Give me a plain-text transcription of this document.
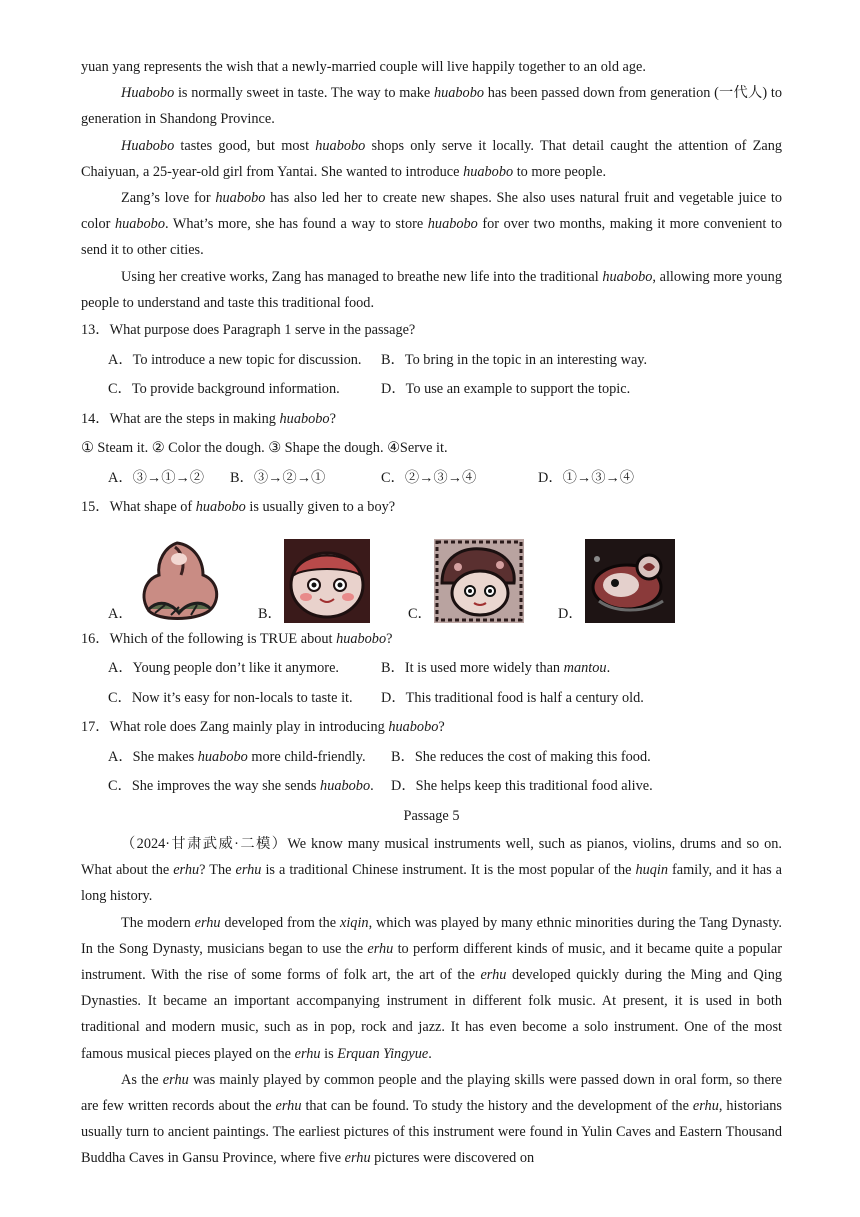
yuan yang represents the wish that a newly-married couple will live happily together to an old age.

Huabobo is normally sweet in taste. The way to make huabobo has been passed down from generation (一代人) to generation in Shandong Province.

Huabobo tastes good, but most huabobo shops only serve it locally. That detail caught the attention of Zang Chaiyuan, a 25-year-old girl from Yantai. She wanted to introduce huabobo to more people.

Zang’s love for huabobo has also led her to create new shapes. She also uses natural fruit and vegetable juice to color huabobo. What’s more, she has found a way to store huabobo for over two months, making it more convenient to send it to other cities.

Using her creative works, Zang has managed to breathe new life into the traditional huabobo, allowing more young people to understand and taste this traditional food.

13．What purpose does Paragraph 1 serve in the passage?

A．To introduce a new topic for discussion.	B．To bring in the topic in an interesting way.
C．To provide background information.	D．To use an example to support the topic.

14．What are the steps in making huabobo?

① Steam it. ② Color the dough. ③ Shape the dough. ④Serve it.

A．③→①→②	B．③→②→①	C．②→③→④	D．①→③→④

15．What shape of huabobo is usually given to a boy?

A．	B．	C．	D．

16．Which of the following is TRUE about huabobo?

A．Young people don’t like it anymore.	B．It is used more widely than mantou.
C．Now it’s easy for non-locals to taste it.	D．This traditional food is half a century old.

17．What role does Zang mainly play in introducing huabobo?

A．She makes huabobo more child-friendly.	B．She reduces the cost of making this food.
C．She improves the way she sends huabobo.	D．She helps keep this traditional food alive.

Passage 5

（2024·甘肃武威·二模）We know many musical instruments well, such as pianos, violins, drums and so on. What about the erhu? The erhu is a traditional Chinese instrument. It is the most popular of the huqin family, and it has a long history.

The modern erhu developed from the xiqin, which was played by many ethnic minorities during the Tang Dynasty. In the Song Dynasty, musicians began to use the erhu to perform different kinds of music, and it became quite a popular instrument. With the rise of some forms of folk art, the art of the erhu developed quickly during the Ming and Qing Dynasties. It became an important accompanying instrument in different folk music. At present, it is used in both traditional and modern music, such as in pop, rock and jazz. It has even become a solo instrument. One of the most famous musical pieces played on the erhu is Erquan Yingyue.

As the erhu was mainly played by common people and the playing skills were passed down in oral form, so there are few written records about the erhu that can be found. To study the history and the development of the erhu, historians usually turn to ancient paintings. The earliest pictures of this instrument were found in Yulin Caves and Eastern Thousand Buddha Caves in Gansu Province, where five erhu pictures were discovered on
